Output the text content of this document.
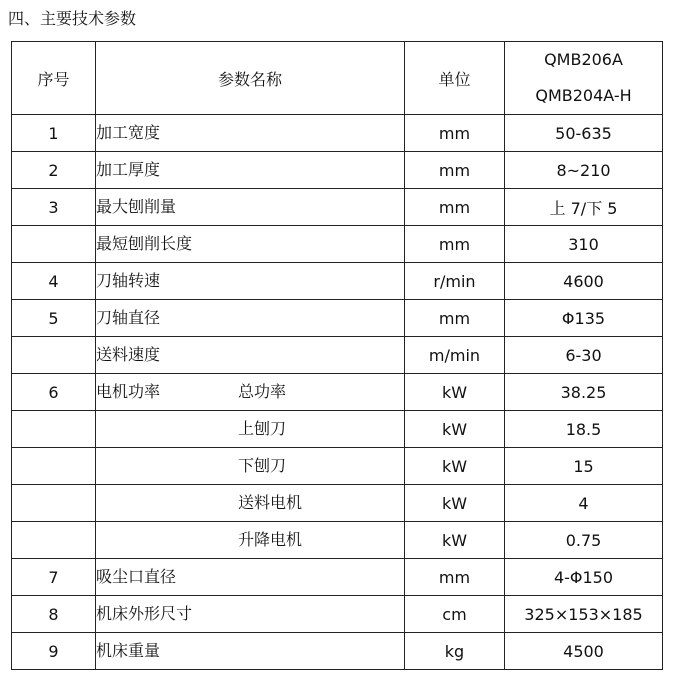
四、主要技术参数
序号	参数名称	单位	QMB206A
QMB204A-H

1	加工宽度	mm	50-635
2	加工厚度	mm	8~210
3	最大刨削量	mm	上 7/下 5

	最短刨削长度	mm	310
4	刀轴转速	r/min	4600
5	刀轴直径	mm	Φ135

	送料速度	m/min	6-30
6	电机功率 总功率	kW	38.25

	上刨刀	kW	18.5

	下刨刀	kW	15

	送料电机	kW	4

	升降电机	kW	0.75
7	吸尘口直径	mm	4-Φ150
8	机床外形尺寸	cm	325×153×185
9	机床重量	kg	4500
